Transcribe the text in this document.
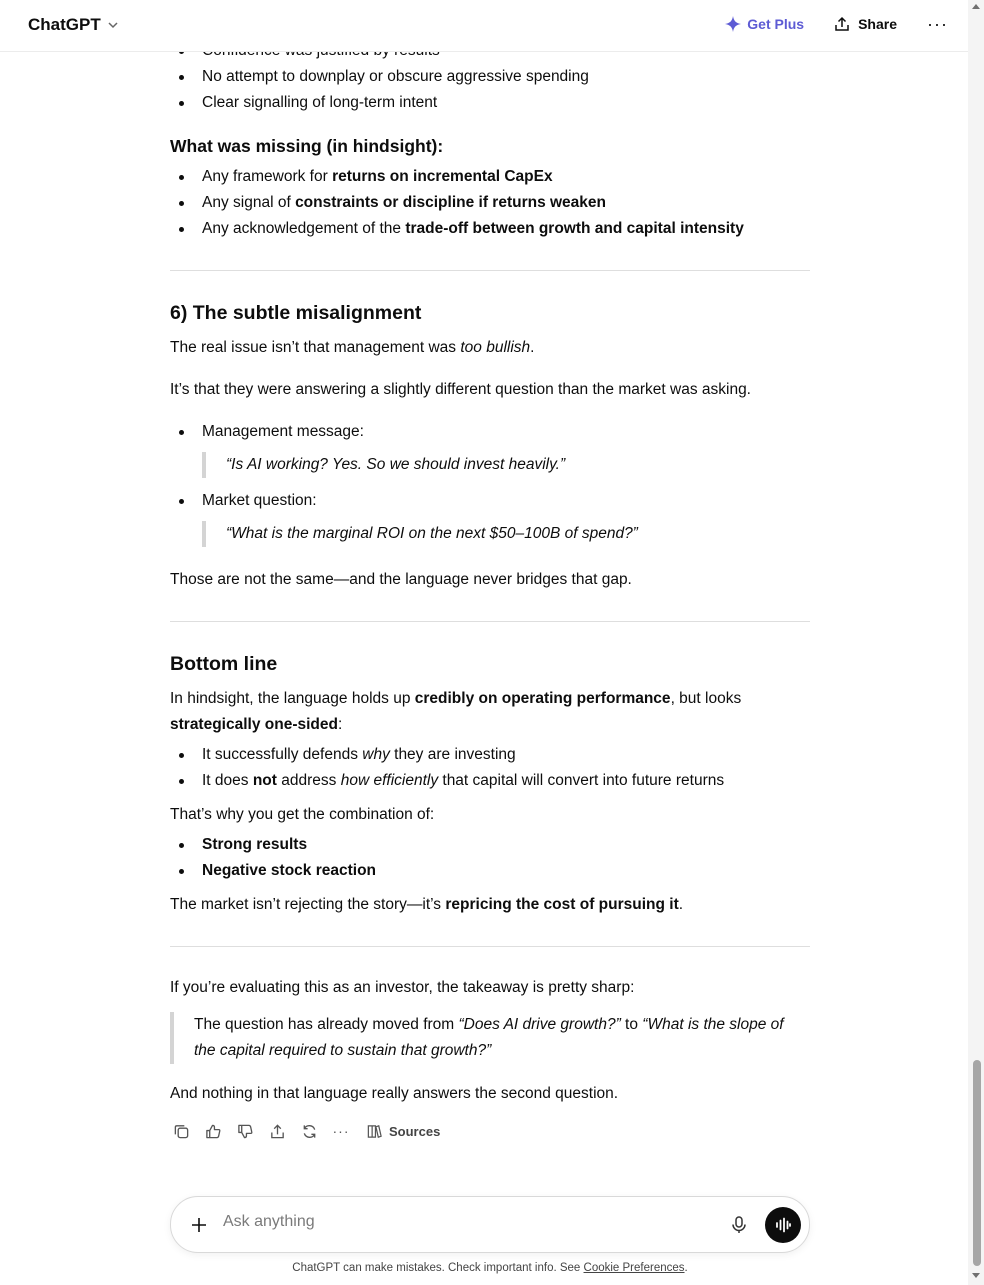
ChatGPT	Get Plus	Share	···
No attempt to downplay or obscure aggressive spending
Clear signalling of long-term intent
What was missing (in hindsight):
Any framework for returns on incremental CapEx
Any signal of constraints or discipline if returns weaken
Any acknowledgement of the trade-off between growth and capital intensity
6) The subtle misalignment

The real issue isn’t that management was too bullish.

It’s that they were answering a slightly different question than the market was asking.

Management message:
“Is AI working? Yes. So we should invest heavily.”
Market question:
“What is the marginal ROI on the next $50–100B of spend?”

Those are not the same—and the language never bridges that gap.

Bottom line

In hindsight, the language holds up credibly on operating performance, but looks strategically one-sided:

It successfully defends why they are investing
It does not address how efficiently that capital will convert into future returns

That’s why you get the combination of:

Strong results
Negative stock reaction

The market isn’t rejecting the story—it’s repricing the cost of pursuing it.

If you’re evaluating this as an investor, the takeaway is pretty sharp:

The question has already moved from “Does AI drive growth?” to “What is the slope of the capital required to sustain that growth?”

And nothing in that language really answers the second question.

···	Sources
Ask anything
ChatGPT can make mistakes. Check important info. See Cookie Preferences.
